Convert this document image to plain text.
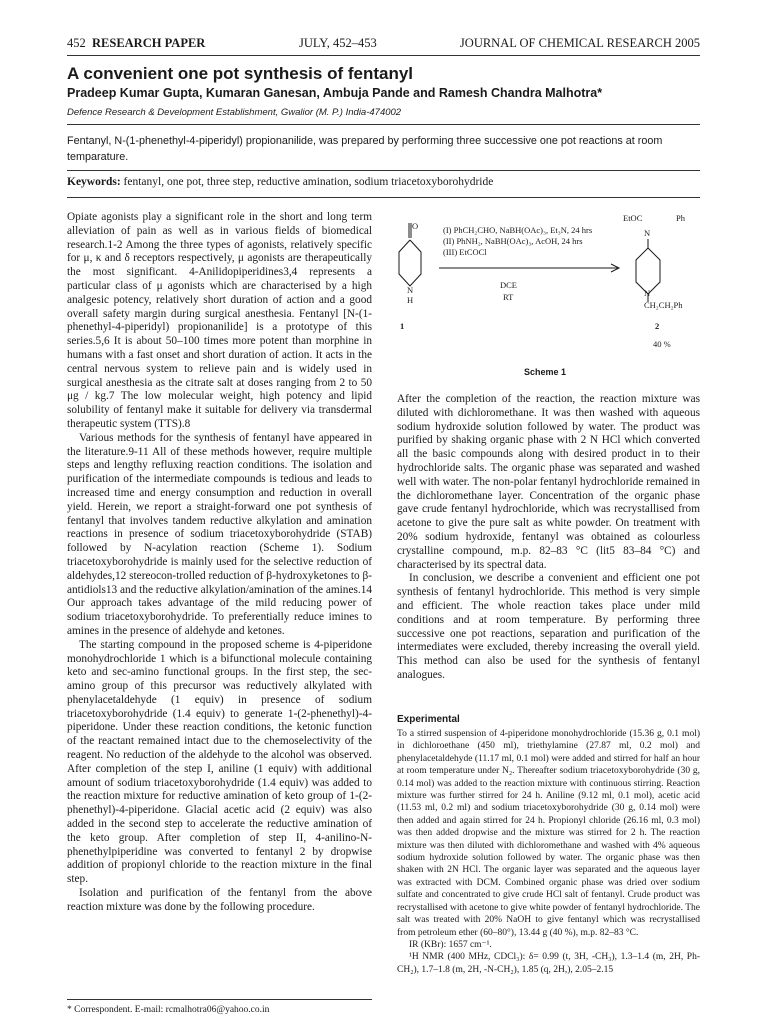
452 RESEARCH PAPER	JULY, 452–453	JOURNAL OF CHEMICAL RESEARCH 2005
A convenient one pot synthesis of fentanyl
Pradeep Kumar Gupta, Kumaran Ganesan, Ambuja Pande and Ramesh Chandra Malhotra*
Defence Research & Development Establishment, Gwalior (M. P.) India-474002
Fentanyl, N-(1-phenethyl-4-piperidyl) propionanilide, was prepared by performing three successive one pot reactions at room temparature.
Keywords: fentanyl, one pot, three step, reductive amination, sodium triacetoxyborohydride

Opiate agonists play a significant role in the short and long term alleviation of pain as well as in various fields of biomedical research.1-2 Among the three types of agonists, relatively specific for μ, κ and δ receptors respectively, μ agonists are therapeutically the most significant. 4-Anilidopiperidines3,4 represents a particular class of μ agonists which are characterised by a high analgesic potency, relatively short duration of action and a good overall safety margin during surgical anesthesia. Fentanyl [N-(1-phenethyl-4-piperidyl) propionanilide] is a prototype of this series.5,6 It is about 50–100 times more potent than morphine in humans with a fast onset and short duration of action. It acts in the central nervous system to relieve pain and is widely used in surgical anesthesia as the citrate salt at doses ranging from 2 to 50 μg / kg.7 The low molecular weight, high potency and lipid solubility of fentanyl make it suitable for delivery via transdermal therapeutic system (TTS).8

Various methods for the synthesis of fentanyl have appeared in the literature.9-11 All of these methods however, require multiple steps and lengthy refluxing reaction conditions. The isolation and purification of the intermediate compounds is tedious and leads to increased time and energy consumption and reduction in overall yield. Herein, we report a straight-forward one pot synthesis of fentanyl that involves tandem reductive alkylation and amination reactions in presence of sodium triacetoxyborohydride (STAB) followed by N-acylation reaction (Scheme 1). Sodium triacetoxyborohydride is mainly used for the selective reduction of aldehydes,12 stereocon-trolled reduction of β-hydroxyketones to β-antidiols13 and the reductive alkylation/amination of the amines.14 Our approach takes advantage of the mild reducing power of sodium triacetoxyborohydride. To preferentially reduce imines to amines in the presence of aldehyde and ketones.

The starting compound in the proposed scheme is 4-piperidone monohydrochloride 1 which is a bifunctional molecule containing keto and sec-amino functional groups. In the first step, the sec-amino group of this precursor was reductively alkylated with phenylacetaldehyde (1 equiv) in presence of sodium triacetoxyborohydride (1.4 equiv) to generate 1-(2-phenethyl)-4-piperidone. Under these reaction conditions, the ketonic function of the reactant remained intact due to the chemoselectivity of the reagent. No reduction of the aldehyde to the alcohol was observed. After completion of the step I, aniline (1 equiv) with additional amount of sodium triacetoxyborohydride (1.4 equiv) was added to the reaction mixture for reductive amination of keto group of 1-(2-phenethyl)-4-piperidone. Glacial acetic acid (2 equiv) was also added in the second step to accelerate the reductive amination of the keto group. After completion of step II, 4-anilino-N-phenethylpiperidine was converted to fentanyl 2 by dropwise addition of propionyl chloride to the reaction mixture in the final step.

Isolation and purification of the fentanyl from the above reaction mixture was done by the following procedure.

O
N
H
1
(I) PhCH₂CHO, NaBH(OAc)₃, Et₃N, 24 hrs
(II) PhNH₂, NaBH(OAc)₃, AcOH, 24 hrs
(III) EtCOCl
DCE
RT
EtOC	Ph
N
N
CH₂CH₂Ph
2
40 %
Scheme 1

After the completion of the reaction, the reaction mixture was diluted with dichloromethane. It was then washed with aqueous sodium hydroxide solution followed by water. The product was purified by shaking organic phase with 2 N HCl which converted all the basic compounds along with desired product in to their hydrochloride salts. The organic phase was separated and washed well with water. The non-polar fentanyl hydrochloride remained in the dichloromethane layer. Concentration of the organic phase gave crude fentanyl hydrochloride, which was recrystallised from acetone to give the pure salt as white powder. On treatment with 20% sodium hydroxide, fentanyl was obtained as colourless crystalline compound, m.p. 82–83 °C (lit5 83–84 °C) and characterised by its spectral data.

In conclusion, we describe a convenient and efficient one pot synthesis of fentanyl hydrochloride. This method is very simple and efficient. The whole reaction takes place under mild conditions and at room temperature. By performing three successive one pot reactions, separation and purification of the intermediates were excluded, thereby increasing the overall yield. This method can also be used for the synthesis of fentanyl analogues.

Experimental

To a stirred suspension of 4-piperidone monohydrochloride (15.36 g, 0.1 mol) in dichloroethane (450 ml), triethylamine (27.87 ml, 0.2 mol) and phenylacetaldehyde (11.17 ml, 0.1 mol) were added and stirred for half an hour at room temperature under N₂. Thereafter sodium triacetoxyborohydride (30 g, 0.14 mol) was added to the reaction mixture with continuous stirring. Reaction mixture was further stirred for 24 h. Aniline (9.12 ml, 0.1 mol), acetic acid (11.53 ml, 0.2 ml) and sodium triacetoxyborohydride (30 g, 0.14 mol) were then added and again stirred for 24 h. Propionyl chloride (26.16 ml, 0.3 mol) was then added dropwise and the mixture was stirred for 2 h. The reaction mixture was then diluted with dichloromethane and washed with 4% aqueous sodium hydroxide solution followed by water. The organic phase was then shaken with 2N HCl. The organic layer was separated and the aqueous layer was extracted with DCM. Combined organic phase was dried over sodium sulfate and concentrated to give crude HCl salt of fentanyl. Crude product was recrystallised with acetone to give white powder of fentanyl hydrochloride. The salt was treated with 20% NaOH to give fentanyl which was recrystallised from petroleum ether (60–80°), 13.44 g (40 %), m.p. 82–83 °C.

IR (KBr): 1657 cm⁻¹.

¹H NMR (400 MHz, CDCl₃): δ= 0.99 (t, 3H, -CH₃), 1.3–1.4 (m, 2H, Ph-CH₂), 1.7–1.8 (m, 2H, -N-CH₂), 1.85 (q, 2H,), 2.05–2.15

* Correspondent. E-mail: rcmalhotra06@yahoo.co.in
